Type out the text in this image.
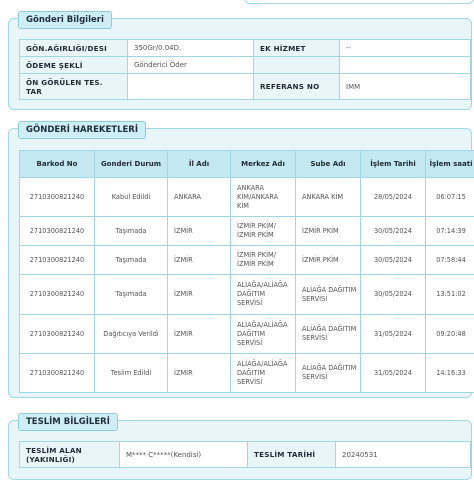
GÖN.AĞIRLIĞI/DESI	350Gr/0.04D.	EK HİZMET	--
ÖDEME ŞEKLİ	Gönderici Öder		
ÖN GÖRÜLEN TES. TAR		REFERANS NO	IMM
Gönderi Bilgileri
Barkod No	Gonderi Durum	İl Adı	Merkez Adı	Sube Adı	İşlem Tarihi	İşlem saati
2710300821240	Kabul Edildi	ANKARA	ANKARA KİM/ANKARA KİM	ANKARA KİM	28/05/2024	06:07:15
2710300821240	Taşımada	İZMİR	İZMİR PKİM/ İZMİR PKİM	İZMİR PKİM	30/05/2024	07:14:39
2710300821240	Taşımada	İZMİR	İZMİR PKİM/ İZMİR PKİM	İZMİR PKİM	30/05/2024	07:58:44
2710300821240	Taşımada	İZMİR	ALİAĞA/ALİAĞA DAĞITIM SERVİSİ	ALİAĞA DAĞITIM SERVİSİ	30/05/2024	13:51:02
2710300821240	Dağıtıcıya Verildi	İZMİR	ALİAĞA/ALİAĞA DAĞITIM SERVİSİ	ALİAĞA DAĞITIM SERVİSİ	31/05/2024	09:20:48
2710300821240	Teslim Edildi	İZMİR	ALİAĞA/ALİAĞA DAĞITIM SERVİSİ	ALİAĞA DAĞITIM SERVİSİ	31/05/2024	14:16:33
GÖNDERİ HAREKETLERİ
TESLİM ALAN (YAKINLIĞI)	M**** C*****(Kendisi)	TESLİM TARİHİ	20240531
TESLİM BİLGİLERİ
